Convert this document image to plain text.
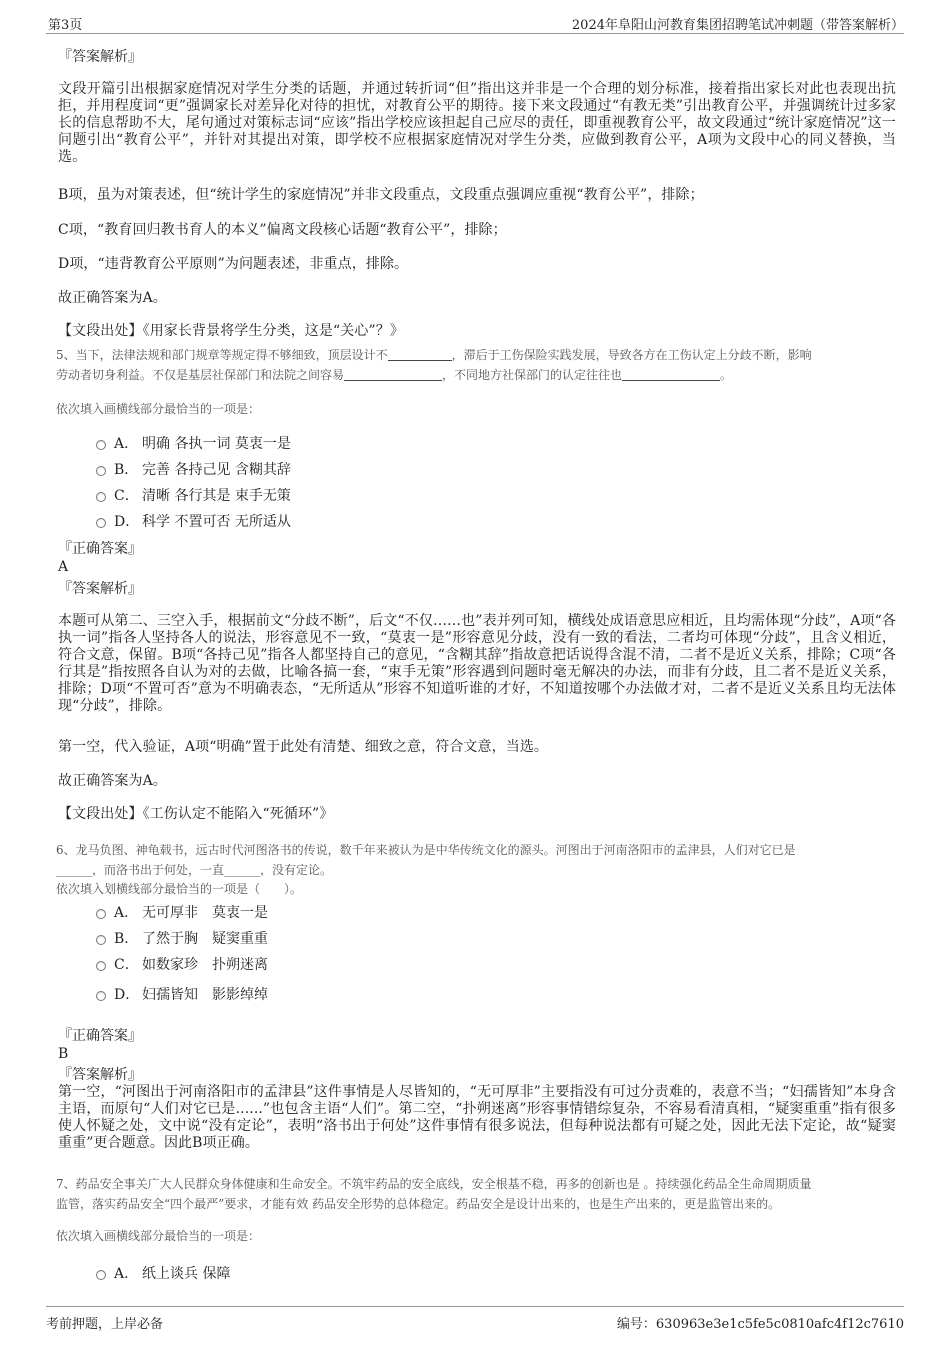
第3页	2024年阜阳山河教育集团招聘笔试冲刺题（带答案解析）
『答案解析』
文段开篇引出根据家庭情况对学生分类的话题，并通过转折词“但”指出这并非是一个合理的划分标准，接着指出家长对此也表现出抗拒，并用程度词“更”强调家长对差异化对待的担忧，对教育公平的期待。接下来文段通过“有教无类”引出教育公平，并强调统计过多家长的信息帮助不大，尾句通过对策标志词“应该”指出学校应该担起自己应尽的责任，即重视教育公平，故文段通过“统计家庭情况”这一问题引出“教育公平”，并针对其提出对策，即学校不应根据家庭情况对学生分类，应做到教育公平，A项为文段中心的同义替换，当选。
B项，虽为对策表述，但“统计学生的家庭情况”并非文段重点，文段重点强调应重视“教育公平”，排除；
C项，“教育回归教书育人的本义”偏离文段核心话题“教育公平”，排除；
D项，“违背教育公平原则”为问题表述，非重点，排除。
故正确答案为A。
【文段出处】《用家长背景将学生分类，这是“关心”？》
5、当下，法律法规和部门规章等规定得不够细致，顶层设计不	，滞后于工伤保险实践发展，导致各方在工伤认定上分歧不断，影响
劳动者切身利益。不仅是基层社保部门和法院之间容易	，不同地方社保部门的认定往往也	。
依次填入画横线部分最恰当的一项是：
A． 明确 各执一词 莫衷一是
B． 完善 各持己见 含糊其辞
C． 清晰 各行其是 束手无策
D． 科学 不置可否 无所适从
『正确答案』
A
『答案解析』
本题可从第二、三空入手，根据前文“分歧不断”，后文“不仅……也”表并列可知，横线处成语意思应相近，且均需体现“分歧”，A项“各执一词”指各人坚持各人的说法，形容意见不一致，“莫衷一是”形容意见分歧，没有一致的看法，二者均可体现“分歧”，且含义相近，符合文意，保留。B项“各持己见”指各人都坚持自己的意见，“含糊其辞”指故意把话说得含混不清，二者不是近义关系，排除；C项“各行其是”指按照各自认为对的去做，比喻各搞一套，“束手无策”形容遇到问题时毫无解决的办法，而非有分歧，且二者不是近义关系，排除；D项“不置可否”意为不明确表态，“无所适从”形容不知道听谁的才好，不知道按哪个办法做才对，二者不是近义关系且均无法体现“分歧”，排除。
第一空，代入验证，A项“明确”置于此处有清楚、细致之意，符合文意，当选。
故正确答案为A。
【文段出处】《工伤认定不能陷入“死循环”》
6、龙马负图、神龟载书，远古时代河图洛书的传说，数千年来被认为是中华传统文化的源头。河图出于河南洛阳市的孟津县，人们对它已是
______，而洛书出于何处，一直______，没有定论。
依次填入划横线部分最恰当的一项是（　　）。
A． 无可厚非　莫衷一是
B． 了然于胸　疑窦重重
C． 如数家珍　扑朔迷离
D． 妇孺皆知　影影绰绰
『正确答案』
B
『答案解析』
第一空，“河图出于河南洛阳市的孟津县”这件事情是人尽皆知的，“无可厚非”主要指没有可过分责难的，表意不当；“妇孺皆知”本身含主语，而原句“人们对它已是......”也包含主语“人们”。第二空，“扑朔迷离”形容事情错综复杂，不容易看清真相，“疑窦重重”指有很多使人怀疑之处，文中说“没有定论”，表明“洛书出于何处”这件事情有很多说法，但每种说法都有可疑之处，因此无法下定论，故“疑窦重重”更合题意。因此B项正确。
7、药品安全事关广大人民群众身体健康和生命安全。不筑牢药品的安全底线，安全根基不稳，再多的创新也是 。持续强化药品全生命周期质量
监管，落实药品安全“四个最严”要求，才能有效 药品安全形势的总体稳定。药品安全是设计出来的，也是生产出来的，更是监管出来的。
依次填入画横线部分最恰当的一项是：
A． 纸上谈兵 保障
考前押题，上岸必备	编号：630963e3e1c5fe5c0810afc4f12c7610
